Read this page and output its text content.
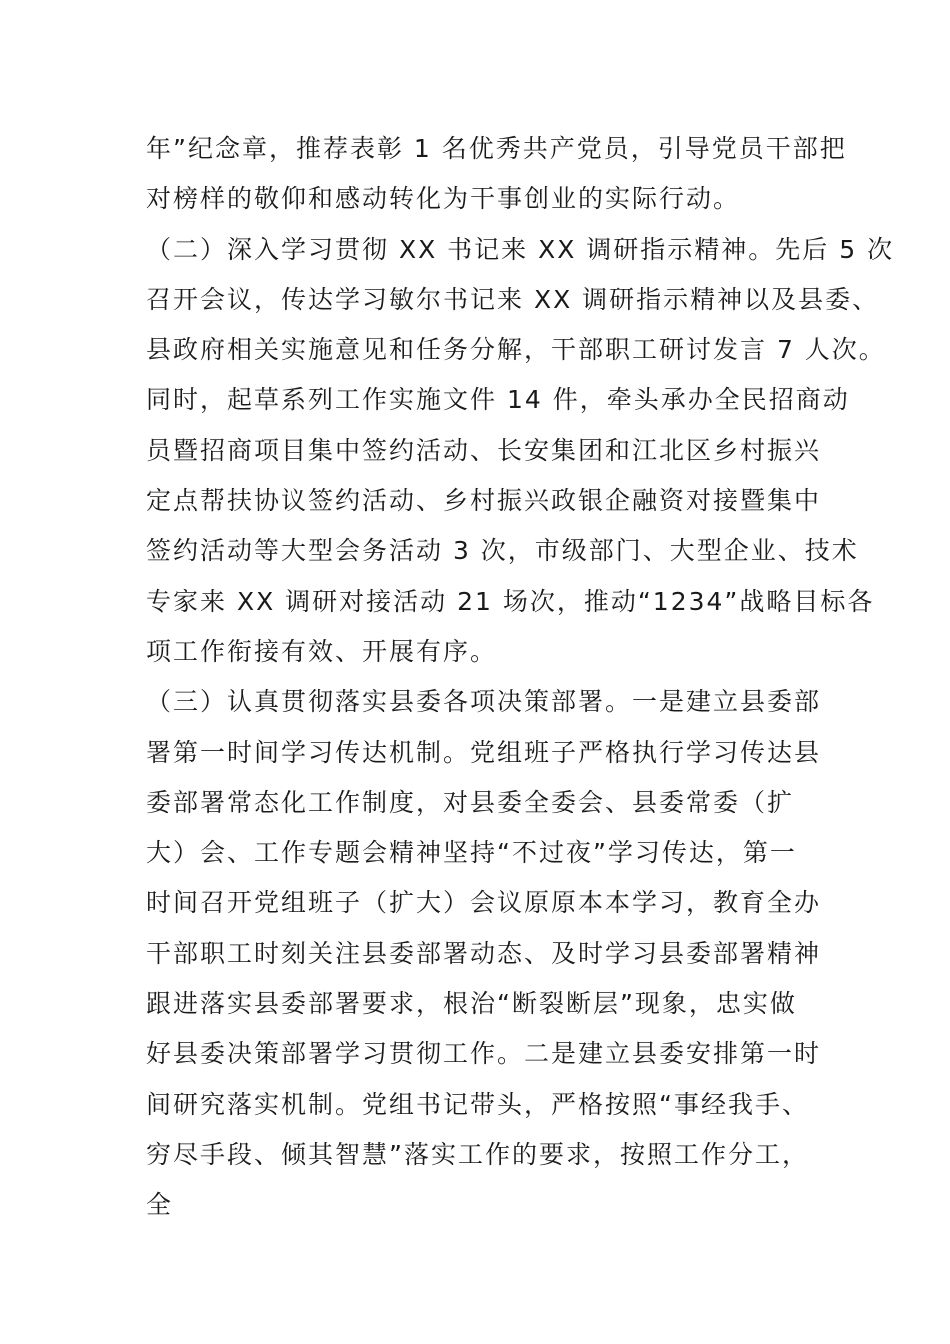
年”纪念章，推荐表彰 1 名优秀共产党员，引导党员干部把
对榜样的敬仰和感动转化为干事创业的实际行动。
（二）深入学习贯彻 XX 书记来 XX 调研指示精神。先后 5 次
召开会议，传达学习敏尔书记来 XX 调研指示精神以及县委、
县政府相关实施意见和任务分解，干部职工研讨发言 7 人次。
同时，起草系列工作实施文件 14 件，牵头承办全民招商动
员暨招商项目集中签约活动、长安集团和江北区乡村振兴
定点帮扶协议签约活动、乡村振兴政银企融资对接暨集中
签约活动等大型会务活动 3 次，市级部门、大型企业、技术
专家来 XX 调研对接活动 21 场次，推动“1234”战略目标各
项工作衔接有效、开展有序。
（三）认真贯彻落实县委各项决策部署。一是建立县委部
署第一时间学习传达机制。党组班子严格执行学习传达县
委部署常态化工作制度，对县委全委会、县委常委（扩
大）会、工作专题会精神坚持“不过夜”学习传达，第一
时间召开党组班子（扩大）会议原原本本学习，教育全办
干部职工时刻关注县委部署动态、及时学习县委部署精神
跟进落实县委部署要求，根治“断裂断层”现象，忠实做
好县委决策部署学习贯彻工作。二是建立县委安排第一时
间研究落实机制。党组书记带头，严格按照“事经我手、
穷尽手段、倾其智慧”落实工作的要求，按照工作分工，
全
